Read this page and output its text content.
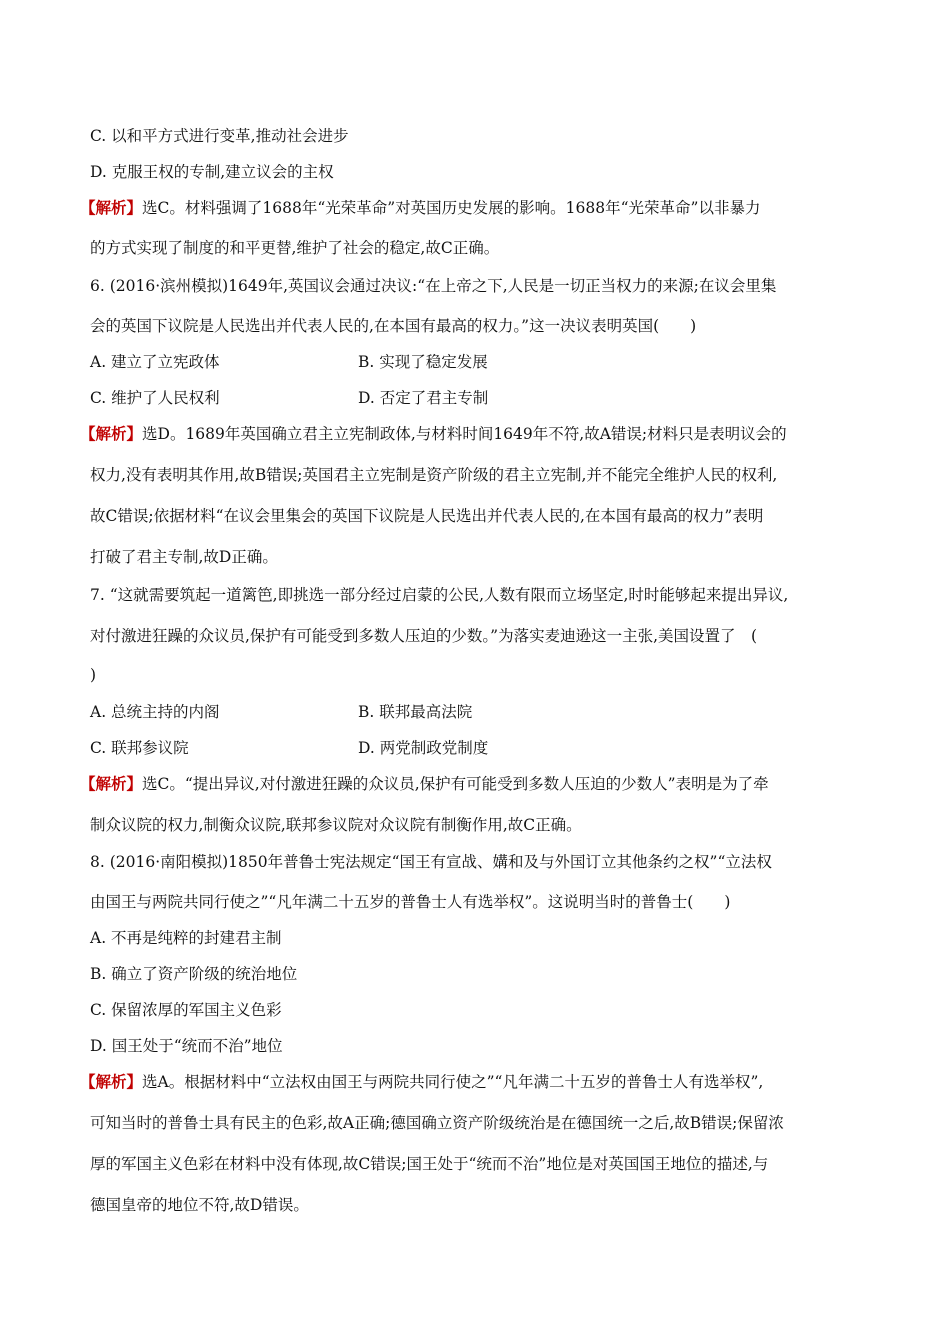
C. 以和平方式进行变革,推动社会进步
D. 克服王权的专制,建立议会的主权
【解析】选C。材料强调了1688年“光荣革命”对英国历史发展的影响。1688年“光荣革命”以非暴力
的方式实现了制度的和平更替,维护了社会的稳定,故C正确。
6. (2016·滨州模拟)1649年,英国议会通过决议:“在上帝之下,人民是一切正当权力的来源;在议会里集
会的英国下议院是人民选出并代表人民的,在本国有最高的权力。”这一决议表明英国(　　)
A. 建立了立宪政体	B. 实现了稳定发展
C. 维护了人民权利	D. 否定了君主专制
【解析】选D。1689年英国确立君主立宪制政体,与材料时间1649年不符,故A错误;材料只是表明议会的
权力,没有表明其作用,故B错误;英国君主立宪制是资产阶级的君主立宪制,并不能完全维护人民的权利,
故C错误;依据材料“在议会里集会的英国下议院是人民选出并代表人民的,在本国有最高的权力”表明
打破了君主专制,故D正确。
7. “这就需要筑起一道篱笆,即挑选一部分经过启蒙的公民,人数有限而立场坚定,时时能够起来提出异议,
对付激进狂躁的众议员,保护有可能受到多数人压迫的少数。”为落实麦迪逊这一主张,美国设置了　(
)
A. 总统主持的内阁	B. 联邦最高法院
C. 联邦参议院	D. 两党制政党制度
【解析】选C。“提出异议,对付激进狂躁的众议员,保护有可能受到多数人压迫的少数人”表明是为了牵
制众议院的权力,制衡众议院,联邦参议院对众议院有制衡作用,故C正确。
8. (2016·南阳模拟)1850年普鲁士宪法规定“国王有宣战、媾和及与外国订立其他条约之权”“立法权
由国王与两院共同行使之”“凡年满二十五岁的普鲁士人有选举权”。这说明当时的普鲁士(　　)
A. 不再是纯粹的封建君主制
B. 确立了资产阶级的统治地位
C. 保留浓厚的军国主义色彩
D. 国王处于“统而不治”地位
【解析】选A。根据材料中“立法权由国王与两院共同行使之”“凡年满二十五岁的普鲁士人有选举权”,
可知当时的普鲁士具有民主的色彩,故A正确;德国确立资产阶级统治是在德国统一之后,故B错误;保留浓
厚的军国主义色彩在材料中没有体现,故C错误;国王处于“统而不治”地位是对英国国王地位的描述,与
德国皇帝的地位不符,故D错误。
